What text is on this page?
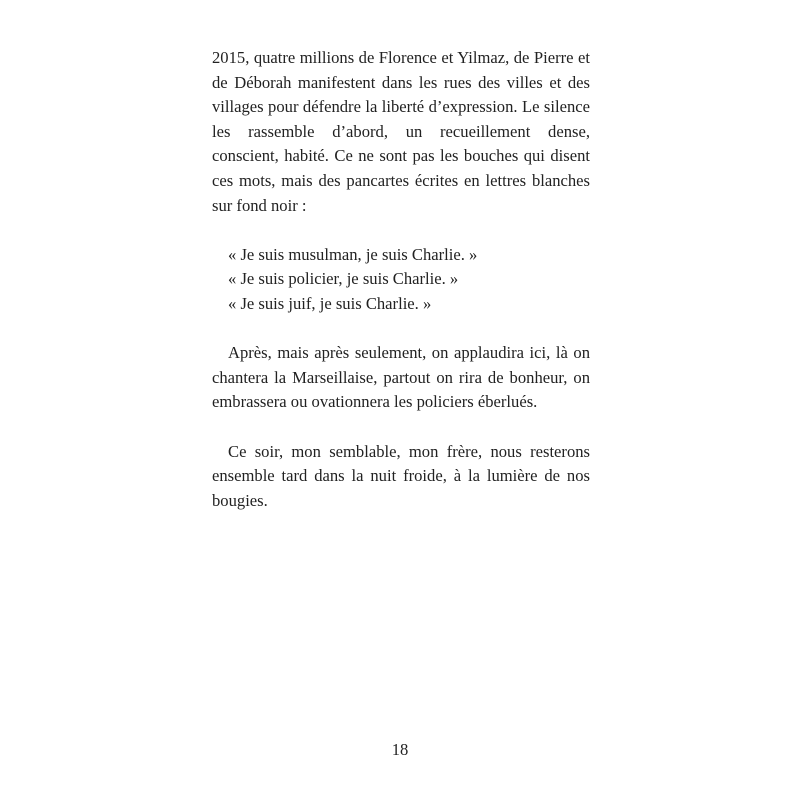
2015, quatre millions de Florence et Yilmaz, de Pierre et de Déborah manifestent dans les rues des villes et des villages pour défendre la liberté d’expression. Le silence les rassemble d’abord, un recueillement dense, conscient, habité. Ce ne sont pas les bouches qui disent ces mots, mais des pancartes écrites en lettres blanches sur fond noir :

« Je suis musulman, je suis Charlie. »

« Je suis policier, je suis Charlie. »

« Je suis juif, je suis Charlie. »

Après, mais après seulement, on applaudira ici, là on chantera la Marseillaise, partout on rira de bonheur, on embrassera ou ovationnera les policiers éberlués.

Ce soir, mon semblable, mon frère, nous resterons ensemble tard dans la nuit froide, à la lumière de nos bougies.

18
